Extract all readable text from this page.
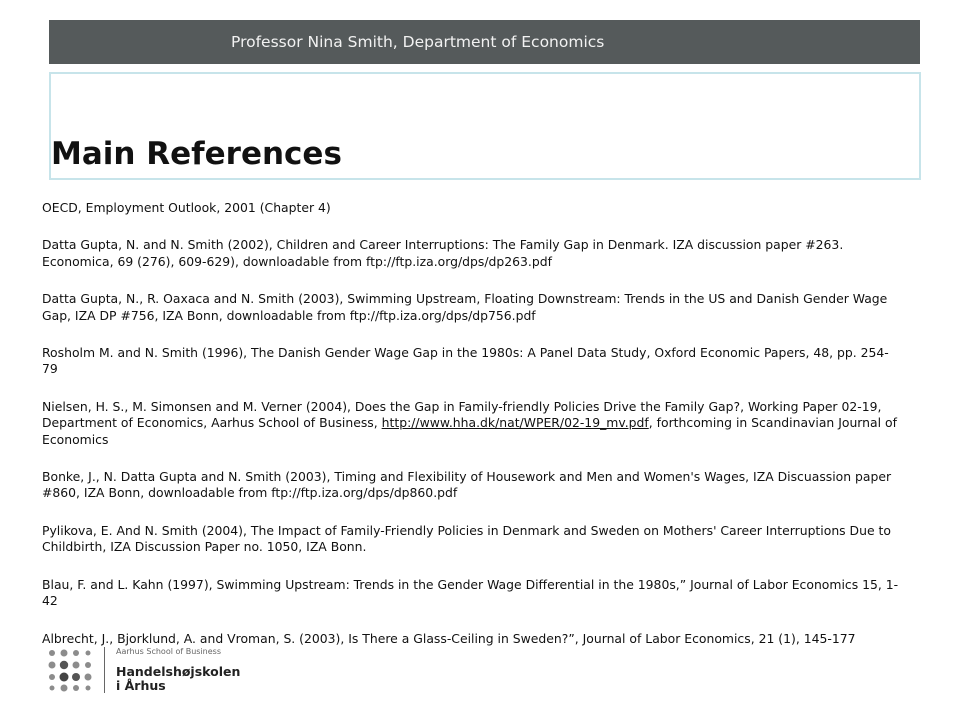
Professor Nina Smith, Department of Economics
Main References

OECD, Employment Outlook, 2001 (Chapter 4)

Datta Gupta, N. and N. Smith (2002), Children and Career Interruptions: The Family Gap in Denmark. IZA discussion paper #263. Economica, 69 (276), 609-629), downloadable from ftp://ftp.iza.org/dps/dp263.pdf

Datta Gupta, N., R. Oaxaca and N. Smith (2003), Swimming Upstream, Floating Downstream: Trends in the US and Danish Gender Wage Gap, IZA DP #756, IZA Bonn, downloadable from ftp://ftp.iza.org/dps/dp756.pdf

Rosholm M. and N. Smith (1996), The Danish Gender Wage Gap in the 1980s: A Panel Data Study, Oxford Economic Papers, 48, pp. 254-79

Nielsen, H. S., M. Simonsen and M. Verner (2004), Does the Gap in Family-friendly Policies Drive the Family Gap?, Working Paper 02-19, Department of Economics, Aarhus School of Business, http://www.hha.dk/nat/WPER/02-19_mv.pdf, forthcoming in Scandinavian Journal of Economics

Bonke, J., N. Datta Gupta and N. Smith (2003), Timing and Flexibility of Housework and Men and Women's Wages, IZA Discuassion paper #860, IZA Bonn, downloadable from ftp://ftp.iza.org/dps/dp860.pdf

Pylikova, E. And N. Smith (2004), The Impact of Family-Friendly Policies in Denmark and Sweden on Mothers' Career Interruptions Due to Childbirth, IZA Discussion Paper no. 1050, IZA Bonn.

Blau, F. and L. Kahn (1997), Swimming Upstream: Trends in the Gender Wage Differential in the 1980s,” Journal of Labor Economics 15, 1-42

Albrecht, J., Bjorklund, A. and Vroman, S. (2003), Is There a Glass-Ceiling in Sweden?”, Journal of Labor Economics, 21 (1), 145-177

Aarhus School of Business
Handelshøjskolen
i Århus
